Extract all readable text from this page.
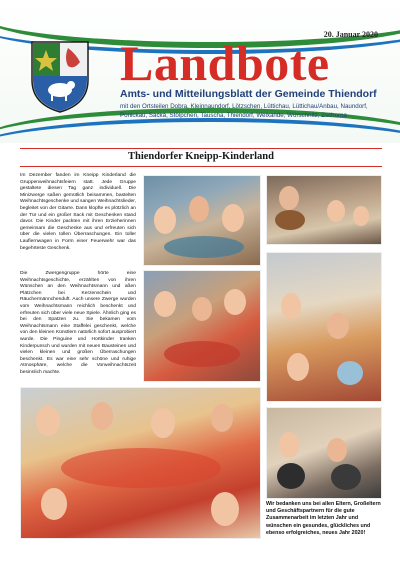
20. Januar 2020
Landbote
Amts- und Mitteilungsblatt der Gemeinde Thiendorf
mit den Ortsteilen Dobra, Kleinnaundorf, Lötzschen, Lüttichau, Lüttichau/Anbau, Naundorf, Ponickau, Sacka, Stölpchen, Tauscha, Thiendorf, Welxande, Würschnitz, Zschorna
Thiendorfer Kneipp-Kinderland
Im Dezember fanden im Kneipp Kinderland die Gruppenweihnachtsfeiern statt. Jede Gruppe gestaltete diesen Tag ganz individuell. Die Minizwerge saßen gemütlich beisammen, bastelten Weihnachtsgeschenke und sangen Weihnachtslieder, begleitet von der Gitarre. Dann klopfte es plötzlich an der Tür und ein großer Sack mit Geschenken stand davor. Die Kinder packten mit ihren Erzieherinnen gemeinsam die Geschenke aus und erfreuten sich über die vielen tollen Überraschungen. Ein toller Lauflernwagen in Form einer Feuerwehr war das begehrteste Geschenk.
Die Zwergengruppe hörte eine Weihnachtsgeschichte, erzählten von ihren Wünschen an den Weihnachtsmann und aßen Plätzchen bei Kerzenschein und Räuchermännchenduft. Auch unsere Zwerge wurden vom Weihnachtsmann reichlich beschenkt und erfreuten sich über viele neue Spiele. Ähnlich ging es bei den Spatzen zu. Sie bekamen vom Weihnachtsmann eine Staffelei geschenkt, welche von den kleinen Künstlern natürlich sofort ausprobiert wurde. Die Pinguine und Hortkinder tranken Kinderpunsch und wurden mit neuen Bausteinen und vielen kleinen und großen Überraschungen beschenkt. Es war eine sehr schöne und ruhige Atmosphäre, welche die Vorweihnachtszeit besinnlich machte.
Wir bedanken uns bei allen Eltern, Großeltern und Geschäftspartnern für die gute Zusammenarbeit im letzten Jahr und wünschen ein gesundes, glückliches und ebenso erfolgreiches, neues Jahr 2020!
